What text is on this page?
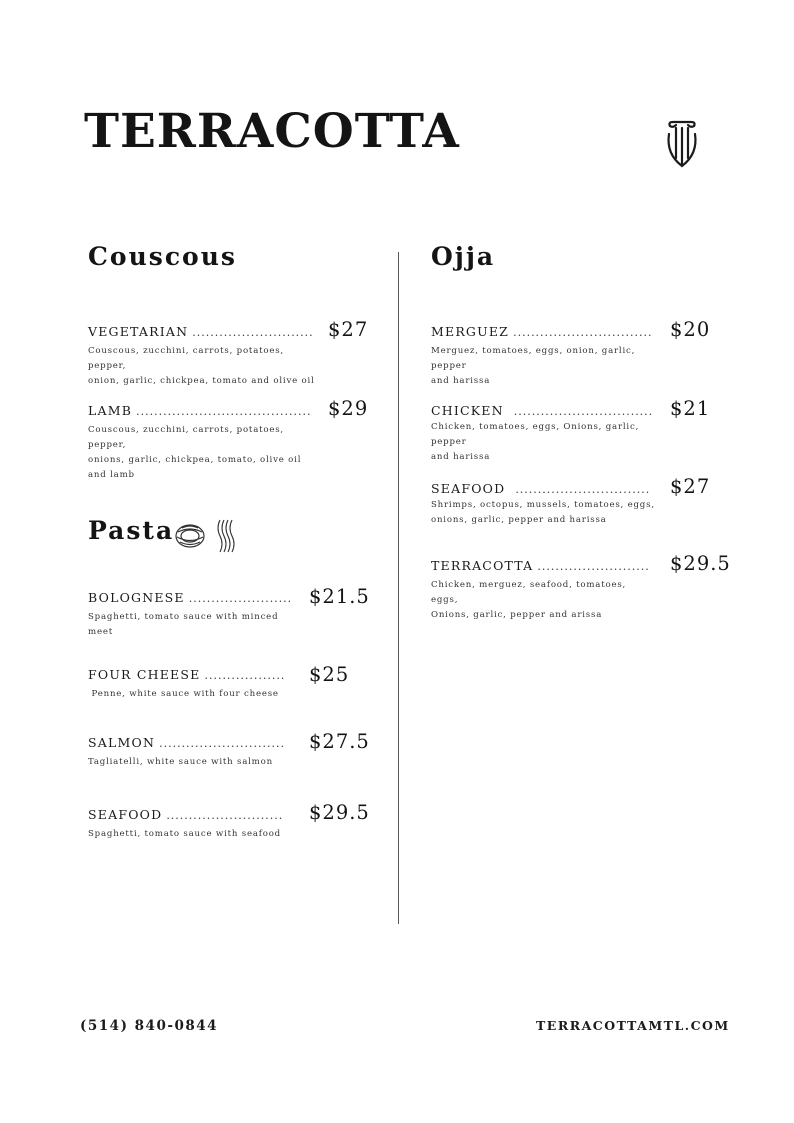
TERRACOTTA
Couscous
VEGETARIAN
.....
Couscous, zucchini, carrots, potatoes, pepper,
onion, garlic, chickpea, tomato and olive oil
$27
LAMB
.....
Couscous, zucchini, carrots, potatoes, pepper,
onions, garlic, chickpea, tomato, olive oil and lamb
$29
Pasta
BOLOGNESE
.....
Spaghetti, tomato sauce with minced meet
$21.5
FOUR CHEESE
.....
Penne, white sauce with four cheese
$25
SALMON
.....
Tagliatelli, white sauce with salmon
$27.5
SEAFOOD
.....
Spaghetti, tomato sauce with seafood
$29.5
Ojja
MERGUEZ
.....
Merguez, tomatoes, eggs, onion, garlic, pepper
and harissa
$20
CHICKEN
.....
Chicken, tomatoes, eggs, Onions, garlic, pepper
and harissa
$21
SEAFOOD
.....
Shrimps, octopus, mussels, tomatoes, eggs,
onions, garlic, pepper and harissa
$27
TERRACOTTA
.....
Chicken, merguez, seafood, tomatoes, eggs,
Onions, garlic, pepper and arissa
$29.5
(514) 840-0844	TERRACOTTAMTL.COM
